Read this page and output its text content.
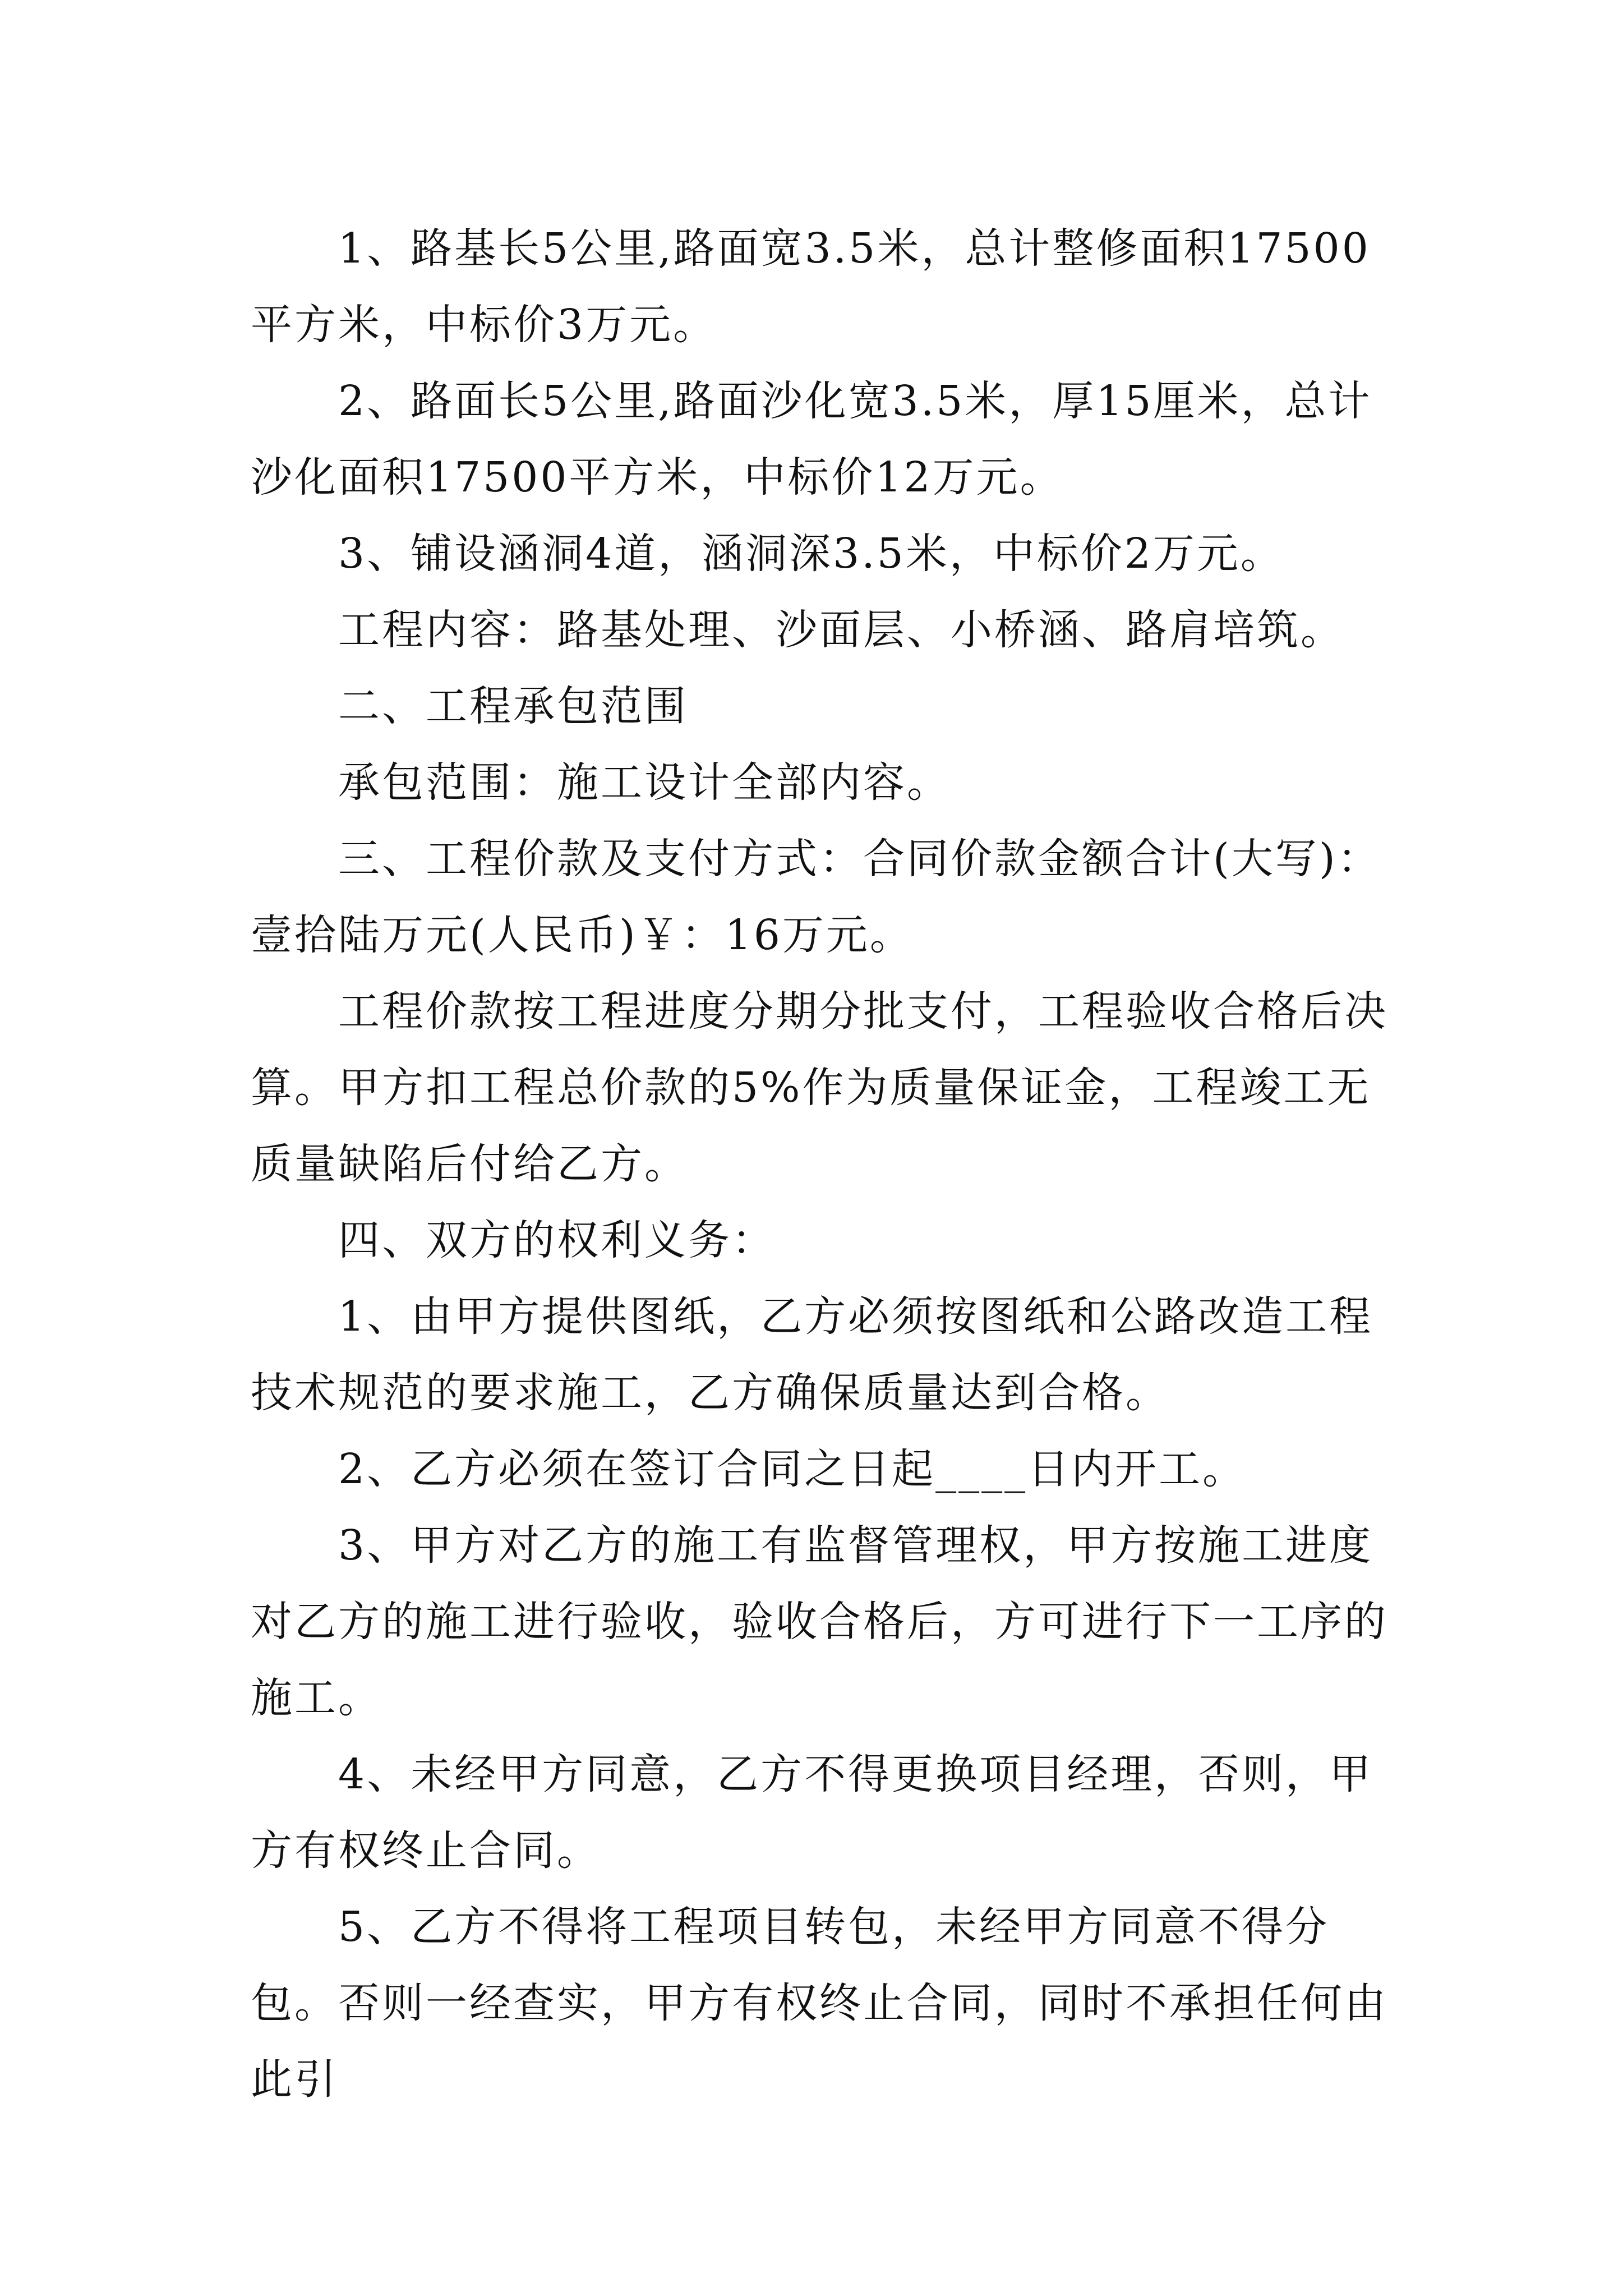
1、路基长5公里,路面宽3.5米，总计整修面积17500平方米，中标价3万元。

2、路面长5公里,路面沙化宽3.5米，厚15厘米，总计沙化面积17500平方米，中标价12万元。

3、铺设涵洞4道，涵洞深3.5米，中标价2万元。

工程内容：路基处理、沙面层、小桥涵、路肩培筑。

二、工程承包范围

承包范围：施工设计全部内容。

三、工程价款及支付方式：合同价款金额合计(大写)：壹拾陆万元(人民币)￥：16万元。

工程价款按工程进度分期分批支付，工程验收合格后决算。甲方扣工程总价款的5%作为质量保证金，工程竣工无质量缺陷后付给乙方。

四、双方的权利义务：

1、由甲方提供图纸，乙方必须按图纸和公路改造工程技术规范的要求施工，乙方确保质量达到合格。

2、乙方必须在签订合同之日起____日内开工。

3、甲方对乙方的施工有监督管理权，甲方按施工进度对乙方的施工进行验收，验收合格后，方可进行下一工序的施工。

4、未经甲方同意，乙方不得更换项目经理，否则，甲方有权终止合同。

5、乙方不得将工程项目转包，未经甲方同意不得分包。否则一经查实，甲方有权终止合同，同时不承担任何由此引
